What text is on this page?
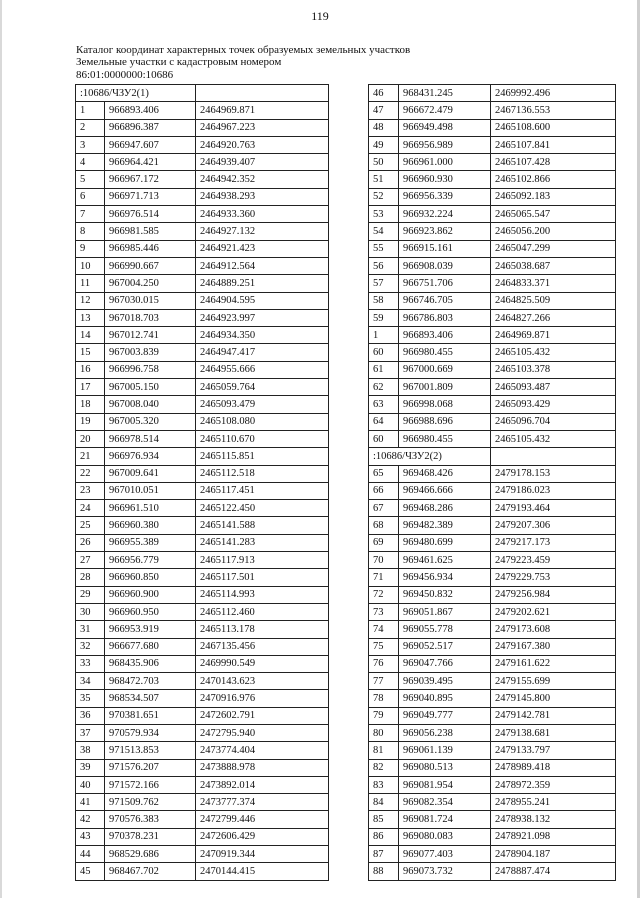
119
Каталог координат характерных точек образуемых земельных участков
Земельные участки с кадастровым номером
86:01:0000000:10686
:10686/ЧЗУ2(1)		
1	966893.406	2464969.871
2	966896.387	2464967.223
3	966947.607	2464920.763
4	966964.421	2464939.407
5	966967.172	2464942.352
6	966971.713	2464938.293
7	966976.514	2464933.360
8	966981.585	2464927.132
9	966985.446	2464921.423
10	966990.667	2464912.564
11	967004.250	2464889.251
12	967030.015	2464904.595
13	967018.703	2464923.997
14	967012.741	2464934.350
15	967003.839	2464947.417
16	966996.758	2464955.666
17	967005.150	2465059.764
18	967008.040	2465093.479
19	967005.320	2465108.080
20	966978.514	2465110.670
21	966976.934	2465115.851
22	967009.641	2465112.518
23	967010.051	2465117.451
24	966961.510	2465122.450
25	966960.380	2465141.588
26	966955.389	2465141.283
27	966956.779	2465117.913
28	966960.850	2465117.501
29	966960.900	2465114.993
30	966960.950	2465112.460
31	966953.919	2465113.178
32	966677.680	2467135.456
33	968435.906	2469990.549
34	968472.703	2470143.623
35	968534.507	2470916.976
36	970381.651	2472602.791
37	970579.934	2472795.940
38	971513.853	2473774.404
39	971576.207	2473888.978
40	971572.166	2473892.014
41	971509.762	2473777.374
42	970576.383	2472799.446
43	970378.231	2472606.429
44	968529.686	2470919.344
45	968467.702	2470144.415
46	968431.245	2469992.496
47	966672.479	2467136.553
48	966949.498	2465108.600
49	966956.989	2465107.841
50	966961.000	2465107.428
51	966960.930	2465102.866
52	966956.339	2465092.183
53	966932.224	2465065.547
54	966923.862	2465056.200
55	966915.161	2465047.299
56	966908.039	2465038.687
57	966751.706	2464833.371
58	966746.705	2464825.509
59	966786.803	2464827.266
1	966893.406	2464969.871
60	966980.455	2465105.432
61	967000.669	2465103.378
62	967001.809	2465093.487
63	966998.068	2465093.429
64	966988.696	2465096.704
60	966980.455	2465105.432
:10686/ЧЗУ2(2)		
65	969468.426	2479178.153
66	969466.666	2479186.023
67	969468.286	2479193.464
68	969482.389	2479207.306
69	969480.699	2479217.173
70	969461.625	2479223.459
71	969456.934	2479229.753
72	969450.832	2479256.984
73	969051.867	2479202.621
74	969055.778	2479173.608
75	969052.517	2479167.380
76	969047.766	2479161.622
77	969039.495	2479155.699
78	969040.895	2479145.800
79	969049.777	2479142.781
80	969056.238	2479138.681
81	969061.139	2479133.797
82	969080.513	2478989.418
83	969081.954	2478972.359
84	969082.354	2478955.241
85	969081.724	2478938.132
86	969080.083	2478921.098
87	969077.403	2478904.187
88	969073.732	2478887.474
